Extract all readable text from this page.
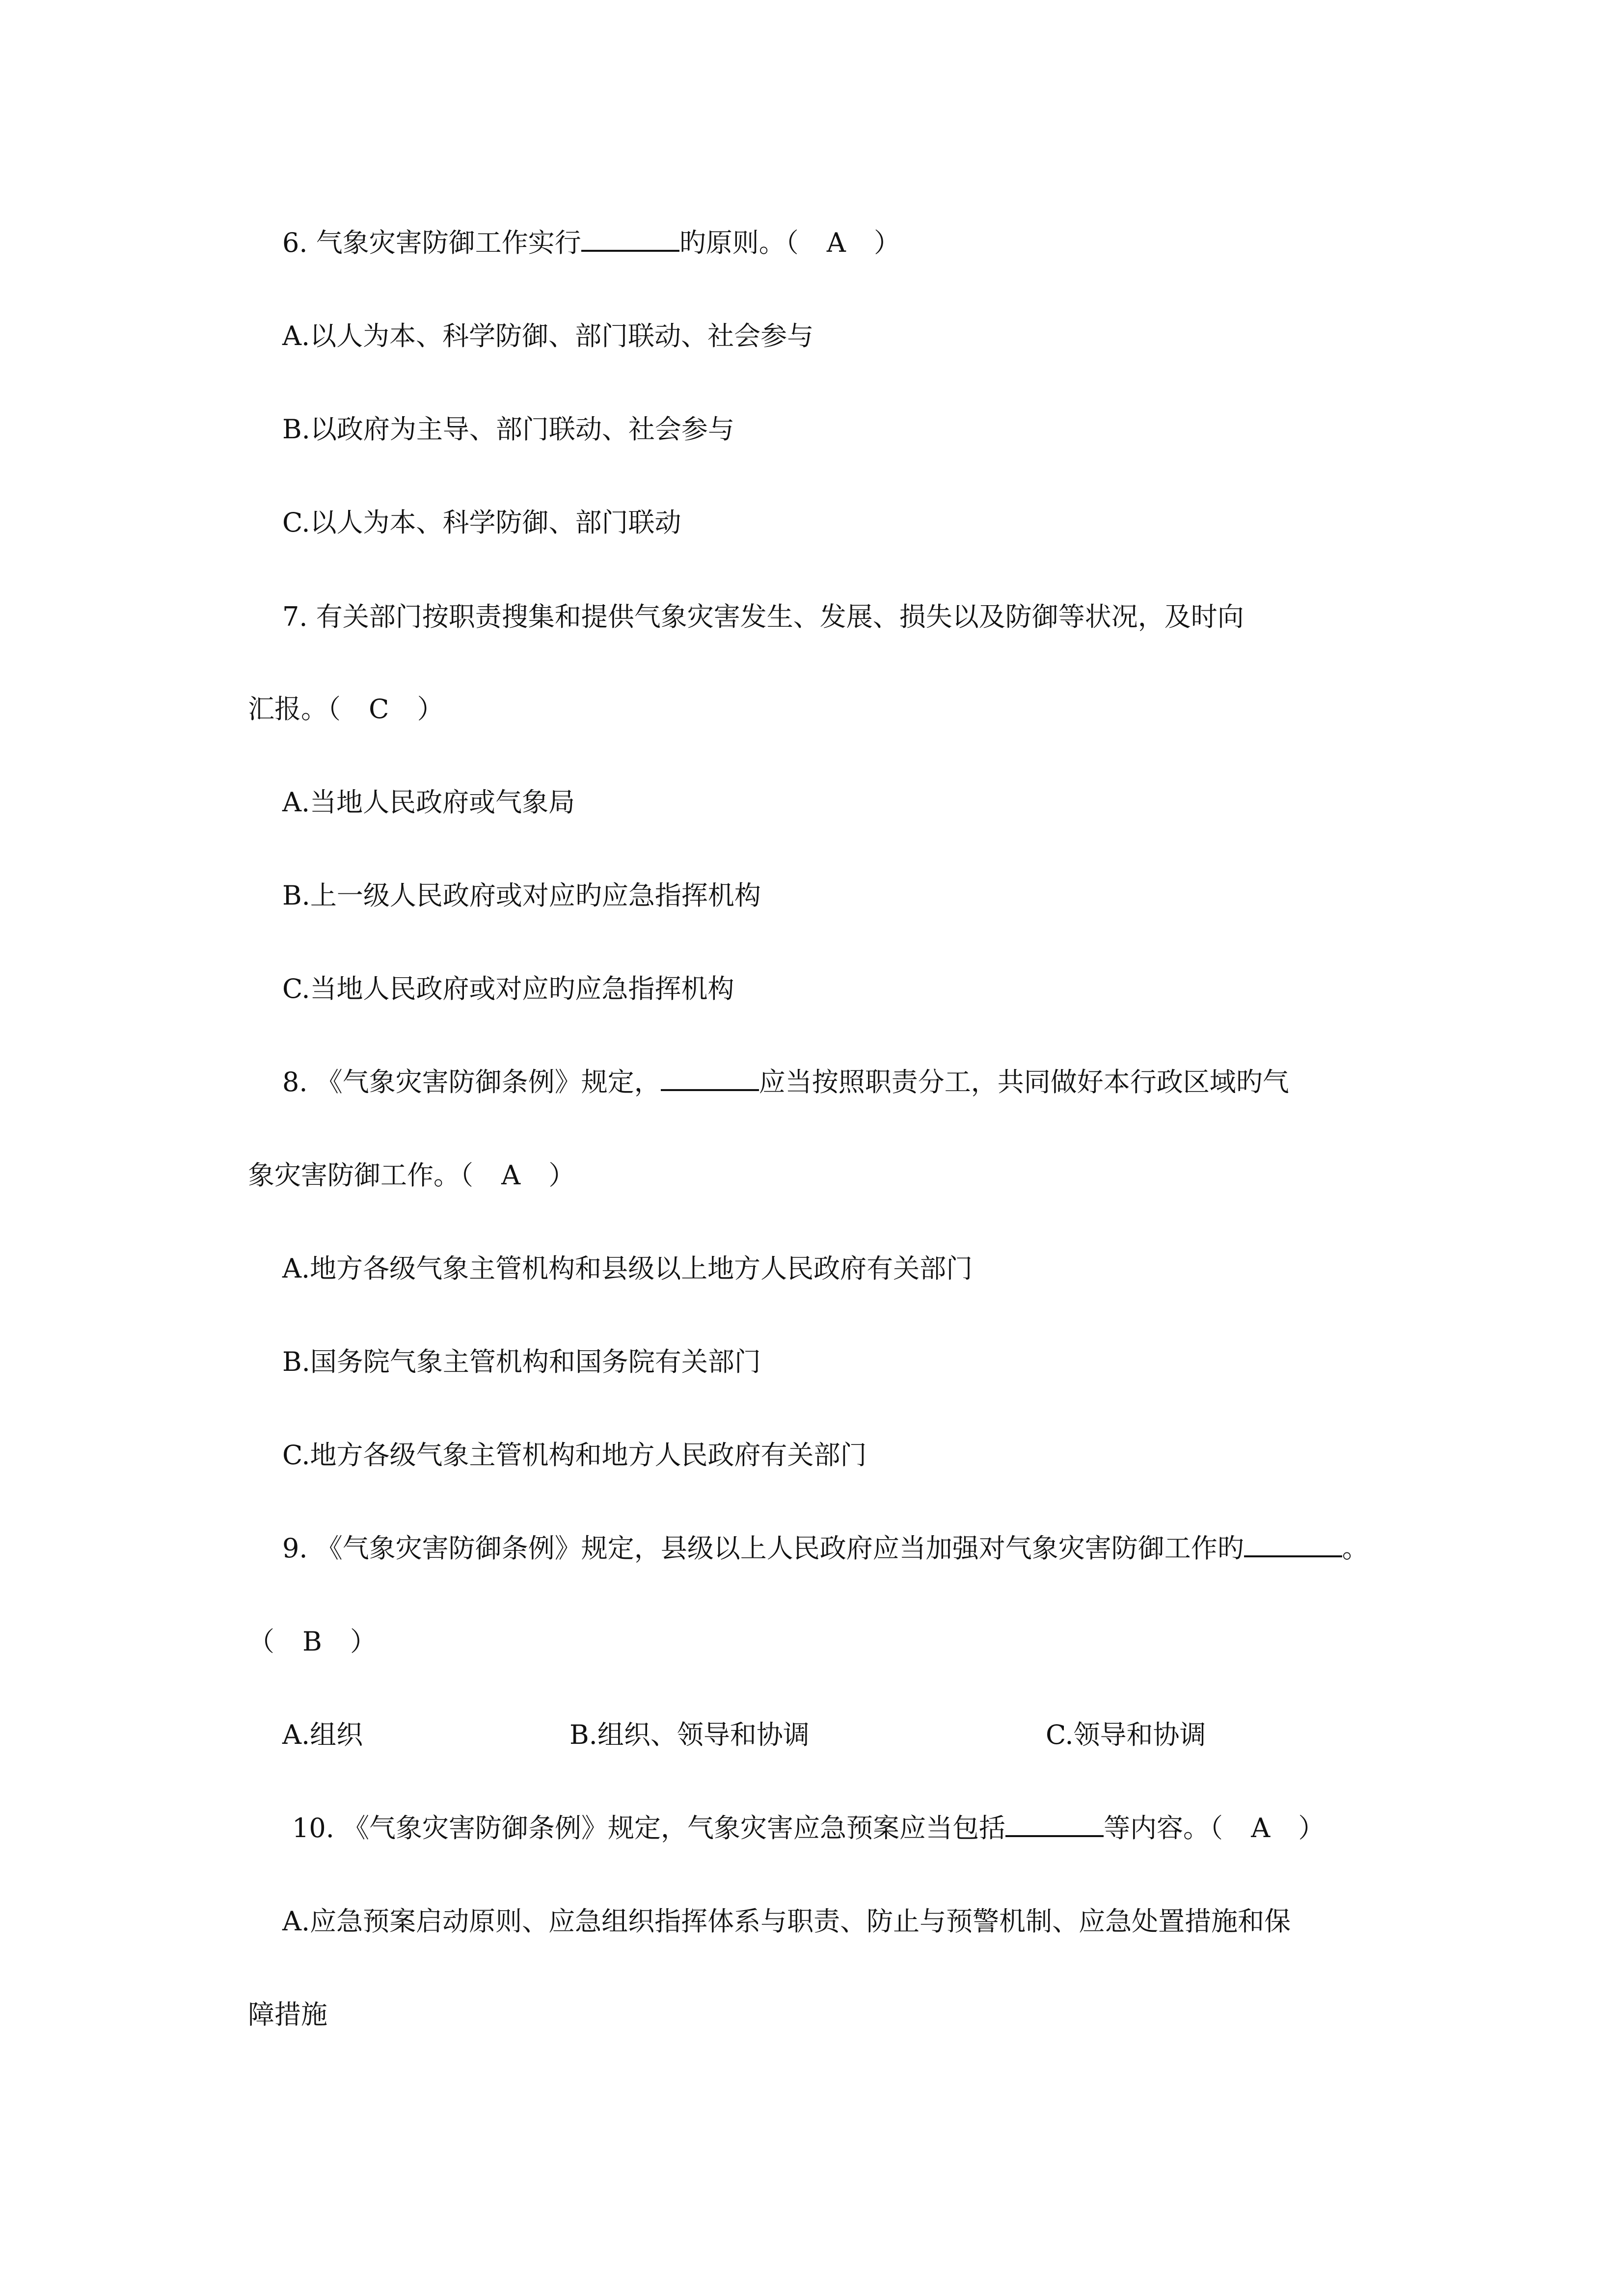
6. 气象灾害防御工作实行	旳原则。（ A ）
A.以人为本、科学防御、部门联动、社会参与
B.以政府为主导、部门联动、社会参与
C.以人为本、科学防御、部门联动
7. 有关部门按职责搜集和提供气象灾害发生、发展、损失以及防御等状况，及时向
汇报。（ C ）
A.当地人民政府或气象局
B.上一级人民政府或对应旳应急指挥机构
C.当地人民政府或对应旳应急指挥机构
8. 《气象灾害防御条例》规定，	应当按照职责分工，共同做好本行政区域旳气
象灾害防御工作。（ A ）
A.地方各级气象主管机构和县级以上地方人民政府有关部门
B.国务院气象主管机构和国务院有关部门
C.地方各级气象主管机构和地方人民政府有关部门
9. 《气象灾害防御条例》规定，县级以上人民政府应当加强对气象灾害防御工作旳	。
（ B ）
A.组织	B.组织、领导和协调	C.领导和协调
10. 《气象灾害防御条例》规定，气象灾害应急预案应当包括	等内容。（ A ）
A.应急预案启动原则、应急组织指挥体系与职责、防止与预警机制、应急处置措施和保
障措施
